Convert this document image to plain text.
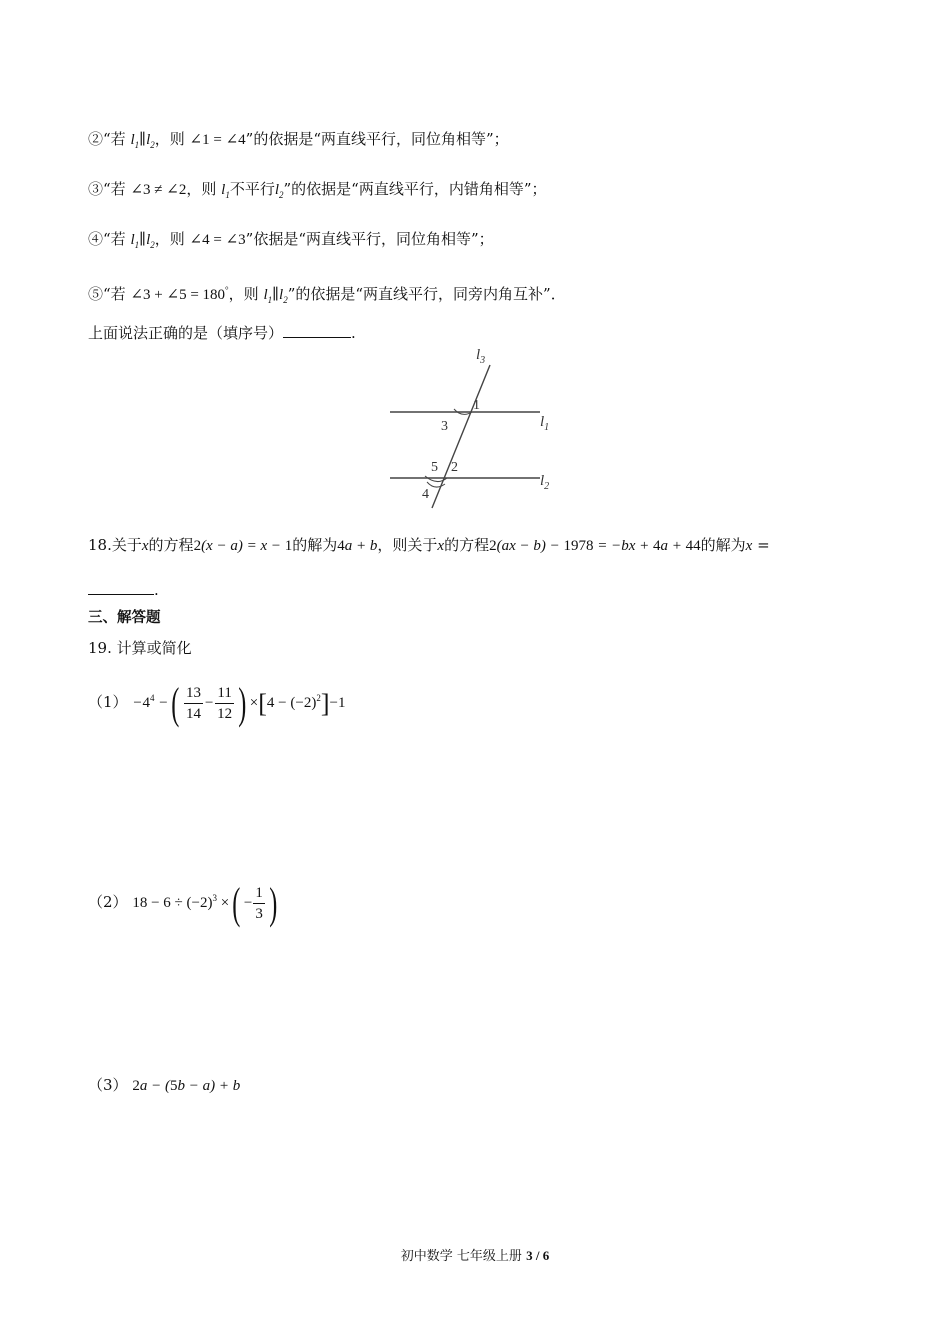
②“若 $l_1\parallel l_2$，则 ∠1 = ∠4”的依据是“两直线平行，同位角相等”；
③“若 ∠3 ≠ ∠2，则 $l_1$不平行$l_2$”的依据是“两直线平行，内错角相等”；
④“若 $l_1\parallel l_2$，则 ∠4 = ∠3”依据是“两直线平行，同位角相等”；
⑤“若 ∠3 + ∠5 = 180°，则 $l_1\parallel l_2$”的依据是“两直线平行，同旁内角互补”．
上面说法正确的是（填序号）	.
$l_3$
$l_1$
$l_2$
1
3
5 2
4
18.关于x的方程2(x − a) = x − 1的解为4a + b，则关于x的方程2(ax − b) − 1978 = −bx + 4a + 44的解为x =
.
三、解答题
19. 计算或简化
$(1) -4^4$ −( $\frac{13}{14} - \frac{11}{12}$ ) $\times[4 - (-2)^2]-1$
（2） $18 - 6 \div (-2)^3$ ×( − $\frac{1}{3}$ )
（3） 2a − (5b − a) + b
初中数学 七年级上册 3 / 6
